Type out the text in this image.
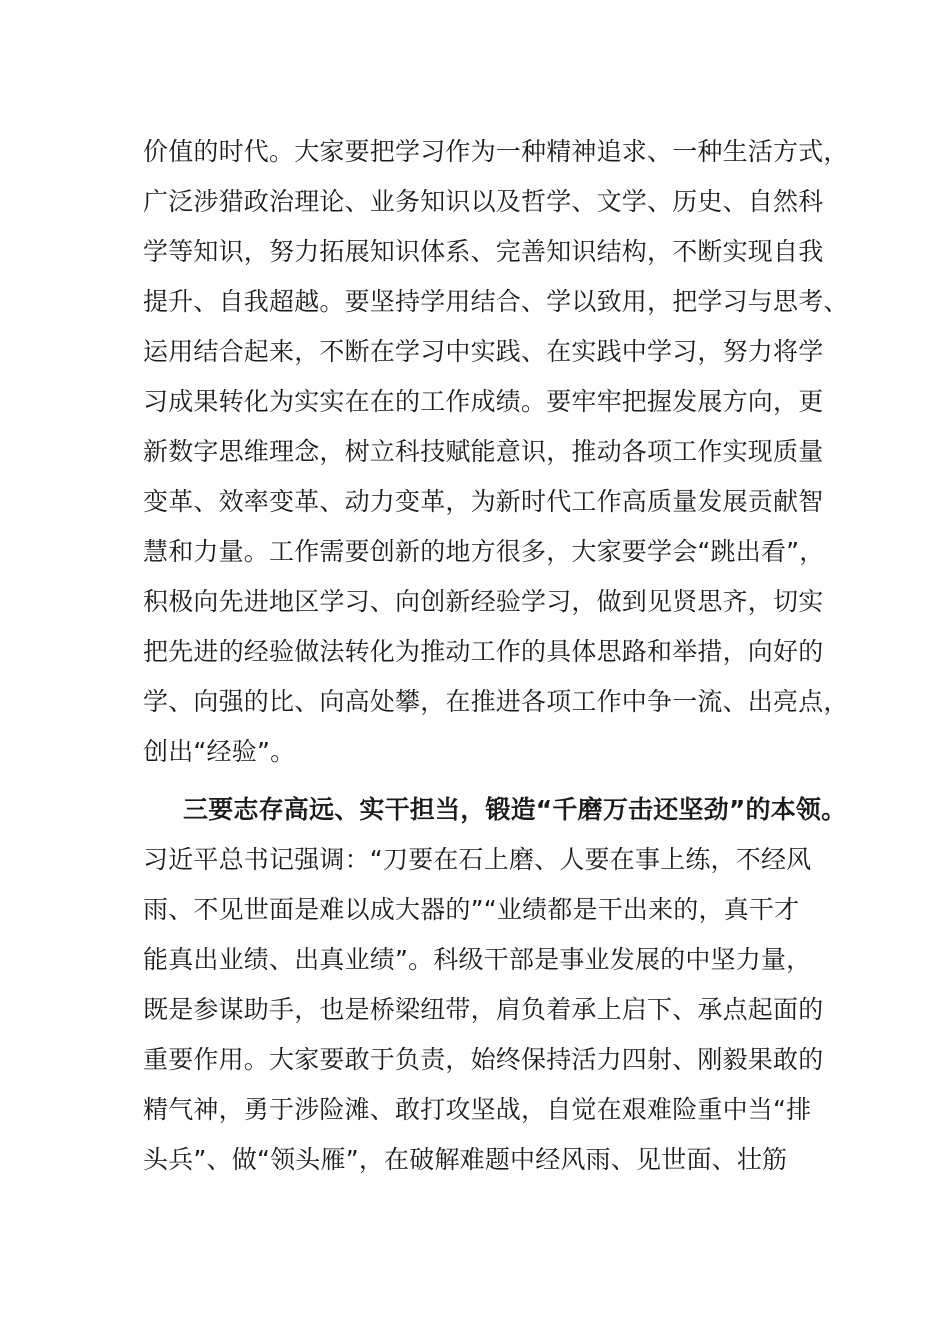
价值的时代。大家要把学习作为一种精神追求、一种生活方式，
广泛涉猎政治理论、业务知识以及哲学、文学、历史、自然科
学等知识，努力拓展知识体系、完善知识结构，不断实现自我
提升、自我超越。要坚持学用结合、学以致用，把学习与思考、
运用结合起来，不断在学习中实践、在实践中学习，努力将学
习成果转化为实实在在的工作成绩。要牢牢把握发展方向，更
新数字思维理念，树立科技赋能意识，推动各项工作实现质量
变革、效率变革、动力变革，为新时代工作高质量发展贡献智
慧和力量。工作需要创新的地方很多，大家要学会“跳出看”，
积极向先进地区学习、向创新经验学习，做到见贤思齐，切实
把先进的经验做法转化为推动工作的具体思路和举措，向好的
学、向强的比、向高处攀，在推进各项工作中争一流、出亮点，
创出“经验”。
三要志存高远、实干担当，锻造“千磨万击还坚劲”的本领。
习近平总书记强调：“刀要在石上磨、人要在事上练，不经风
雨、不见世面是难以成大器的”“业绩都是干出来的，真干才
能真出业绩、出真业绩”。科级干部是事业发展的中坚力量，
既是参谋助手，也是桥梁纽带，肩负着承上启下、承点起面的
重要作用。大家要敢于负责，始终保持活力四射、刚毅果敢的
精气神，勇于涉险滩、敢打攻坚战，自觉在艰难险重中当“排
头兵”、做“领头雁”，在破解难题中经风雨、见世面、壮筋
